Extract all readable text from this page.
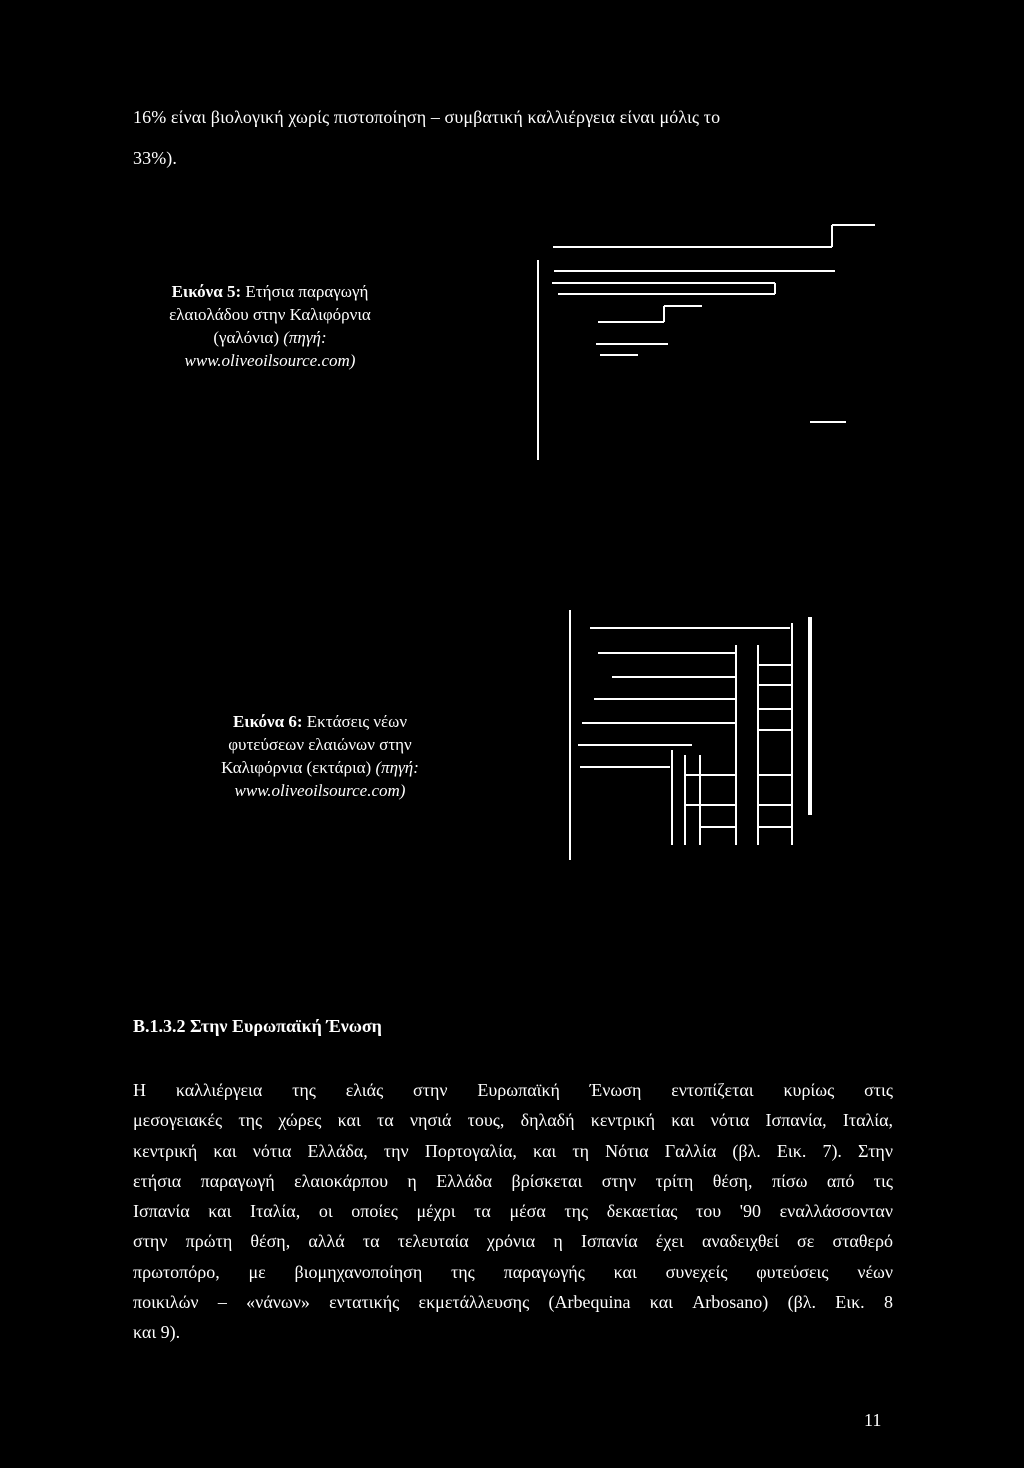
16% είναι βιολογική χωρίς πιστοποίηση – συμβατική καλλιέργεια είναι μόλις το
33%).
Εικόνα 5: Ετήσια παραγωγή
ελαιολάδου στην Καλιφόρνια
(γαλόνια) (πηγή:
www.oliveoilsource.com)
Εικόνα 6: Εκτάσεις νέων
φυτεύσεων ελαιώνων στην
Καλιφόρνια (εκτάρια) (πηγή:
www.oliveoilsource.com)
B.1.3.2 Στην Ευρωπαϊκή Ένωση
Η καλλιέργεια της ελιάς στην Ευρωπαϊκή Ένωση εντοπίζεται κυρίως στις
μεσογειακές της χώρες και τα νησιά τους, δηλαδή κεντρική και νότια Ισπανία, Ιταλία,
κεντρική και νότια Ελλάδα, την Πορτογαλία, και τη Νότια Γαλλία (βλ. Εικ. 7). Στην
ετήσια παραγωγή ελαιοκάρπου η Ελλάδα βρίσκεται στην τρίτη θέση, πίσω από τις
Ισπανία και Ιταλία, οι οποίες μέχρι τα μέσα της δεκαετίας του '90 εναλλάσσονταν
στην πρώτη θέση, αλλά τα τελευταία χρόνια η Ισπανία έχει αναδειχθεί σε σταθερό
πρωτοπόρο, με βιομηχανοποίηση της παραγωγής και συνεχείς φυτεύσεις νέων
ποικιλών – «νάνων» εντατικής εκμετάλλευσης (Arbequina και Arbosano) (βλ. Εικ. 8
και 9).
11
